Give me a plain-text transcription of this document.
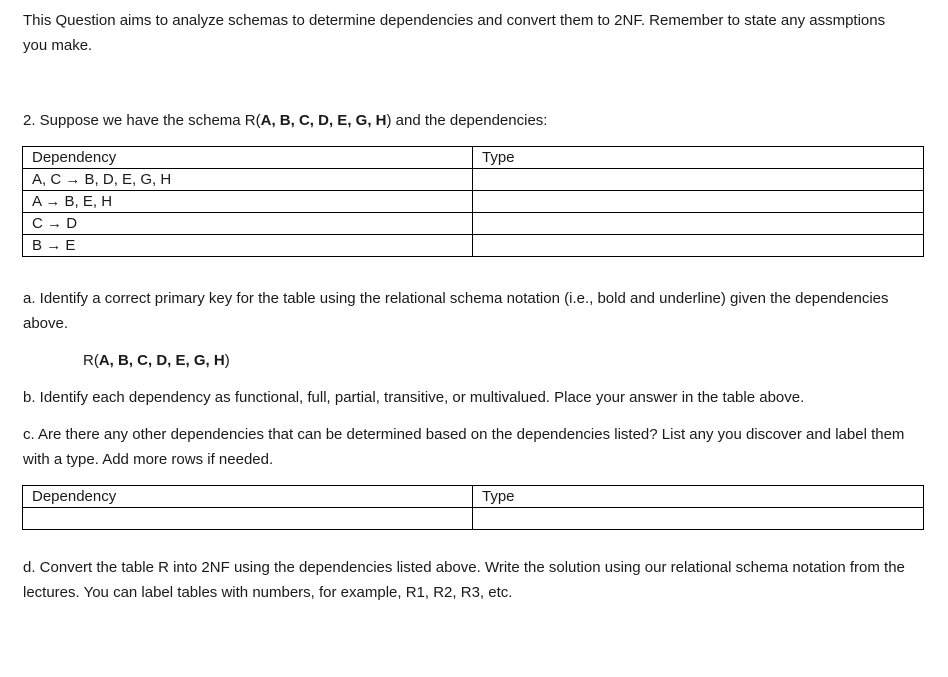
This Question aims to analyze schemas to determine dependencies and convert them to 2NF. Remember to state any assmptions you make.

2. Suppose we have the schema R(A, B, C, D, E, G, H) and the dependencies:

Dependency	Type
A, C → B, D, E, G, H	
A → B, E, H	
C → D	
B → E	

a. Identify a correct primary key for the table using the relational schema notation (i.e., bold and underline) given the dependencies above.

R(A, B, C, D, E, G, H)

b. Identify each dependency as functional, full, partial, transitive, or multivalued. Place your answer in the table above.

c. Are there any other dependencies that can be determined based on the dependencies listed? List any you discover and label them with a type. Add more rows if needed.

Dependency	Type

d. Convert the table R into 2NF using the dependencies listed above. Write the solution using our relational schema notation from the lectures. You can label tables with numbers, for example, R1, R2, R3, etc.
